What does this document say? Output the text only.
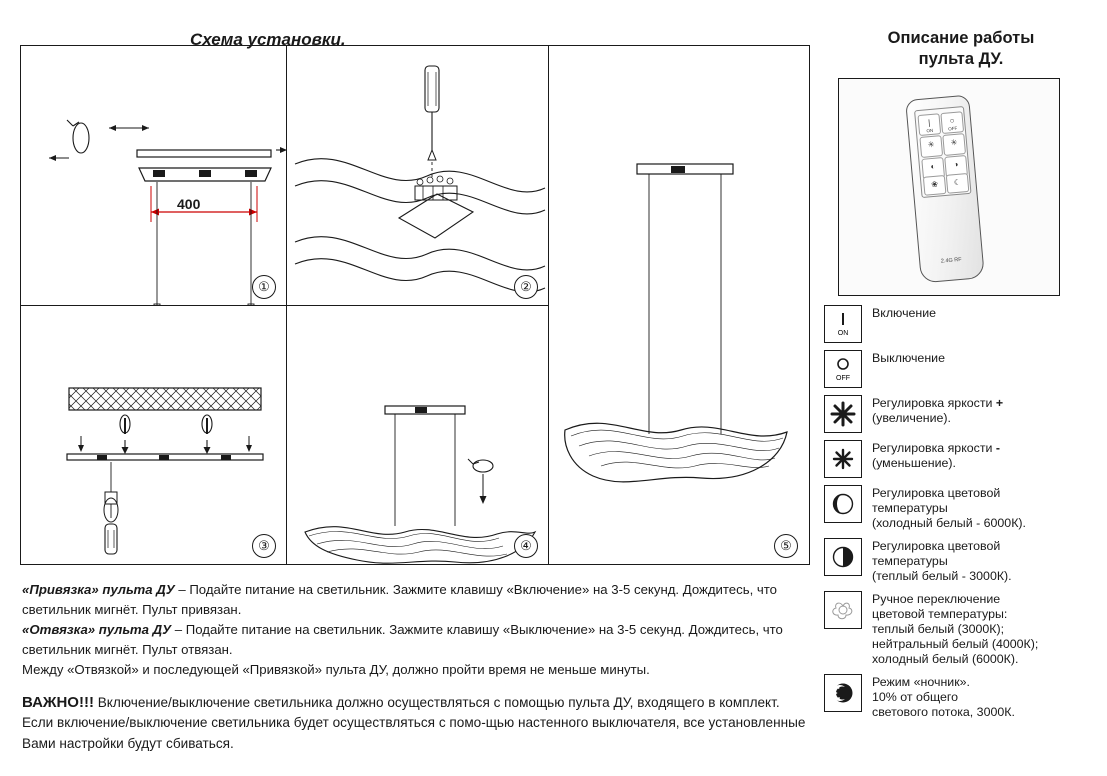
Схема установки.
400
①	②
③	④	⑤

«Привязка» пульта ДУ – Подайте питание на светильник. Зажмите клавишу «Включение» на 3-5 секунд. Дождитесь, что светильник мигнёт. Пульт привязан.

«Отвязка» пульта ДУ – Подайте питание на светильник. Зажмите клавишу «Выключение» на 3-5 секунд. Дождитесь, что светильник мигнёт. Пульт отвязан.

Между «Отвязкой» и последующей «Привязкой» пульта ДУ, должно пройти время не меньше минуты.

ВАЖНО!!! Включение/выключение светильника должно осуществляться с помощью пульта ДУ, входящего в комплект. Если включение/выключение светильника будет осуществляться с помо-щью настенного выключателя, все установленные Вами настройки будут сбиваться.
Описание работы
пульта ДУ.
|
ON
○
OFF
✳ ✳
◐ ◑
❀ ☾
2.4G RF
ON
Включение
OFF
Выключение
Регулировка яркости +
(увеличение).
Регулировка яркости -
(уменьшение).
Регулировка цветовой
температуры
(холодный белый - 6000К).
Регулировка цветовой
температуры
(теплый белый - 3000К).
Ручное переключение
цветовой температуры:
теплый белый (3000К);
нейтральный белый (4000К);
холодный белый (6000К).
Режим «ночник».
10% от общего
светового потока, 3000К.
